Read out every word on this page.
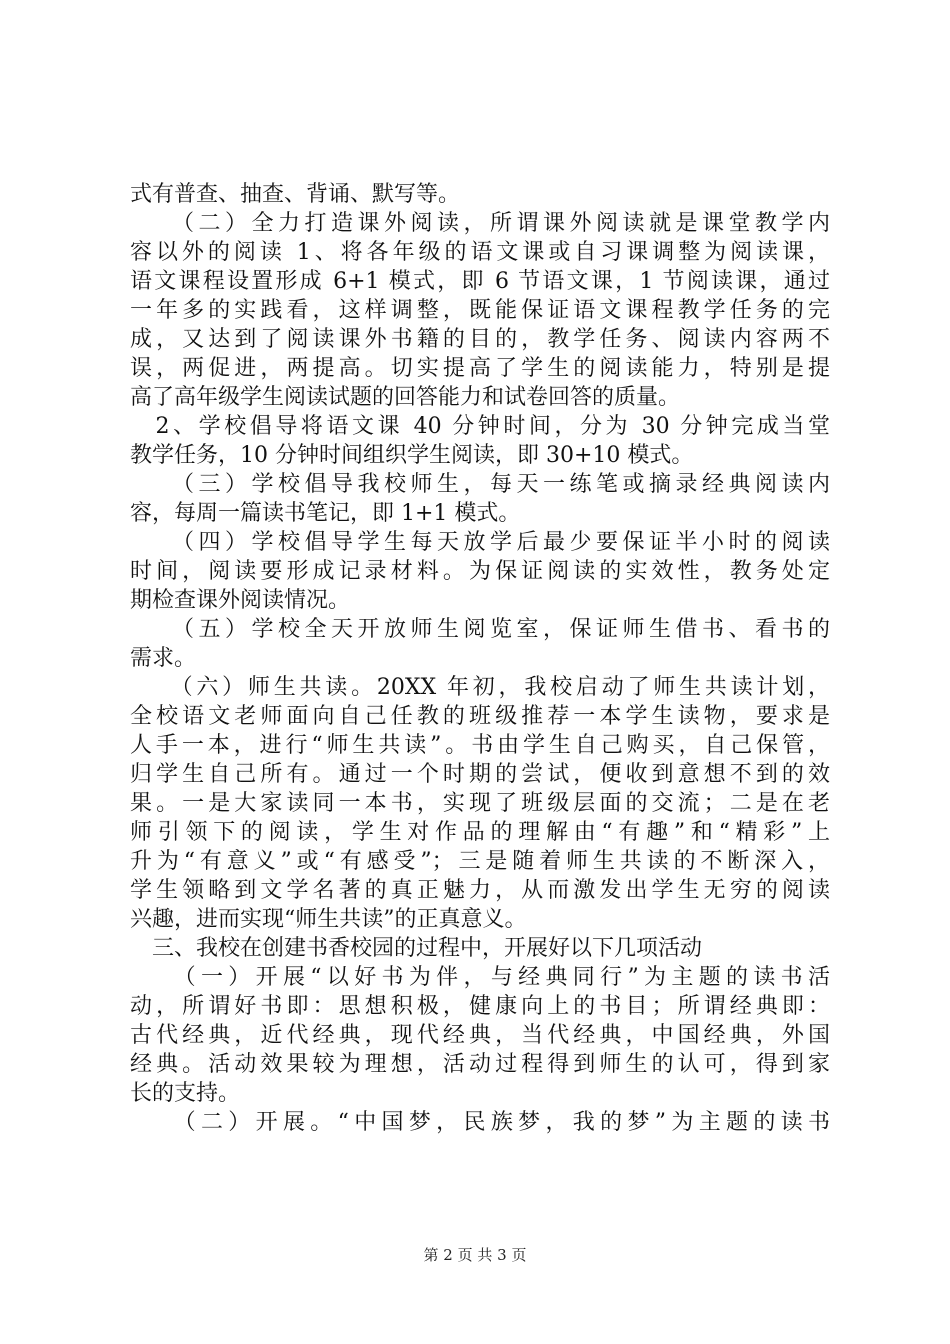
式有普查、抽查、背诵、默写等。
　　（二）全力打造课外阅读，所谓课外阅读就是课堂教学内
容以外的阅读 1、将各年级的语文课或自习课调整为阅读课，
语文课程设置形成 6+1 模式，即 6 节语文课，1 节阅读课，通过
一年多的实践看，这样调整，既能保证语文课程教学任务的完
成，又达到了阅读课外书籍的目的，教学任务、阅读内容两不
误，两促进，两提高。切实提高了学生的阅读能力，特别是提
高了高年级学生阅读试题的回答能力和试卷回答的质量。
　2、学校倡导将语文课 40 分钟时间，分为 30 分钟完成当堂
教学任务，10 分钟时间组织学生阅读，即 30+10 模式。
　　（三）学校倡导我校师生，每天一练笔或摘录经典阅读内
容，每周一篇读书笔记，即 1+1 模式。
　　（四）学校倡导学生每天放学后最少要保证半小时的阅读
时间，阅读要形成记录材料。为保证阅读的实效性，教务处定
期检查课外阅读情况。
　　（五）学校全天开放师生阅览室，保证师生借书、看书的
需求。
　　（六）师生共读。20XX 年初，我校启动了师生共读计划，
全校语文老师面向自己任教的班级推荐一本学生读物，要求是
人手一本，进行“师生共读”。书由学生自己购买，自己保管，
归学生自己所有。通过一个时期的尝试，便收到意想不到的效
果。一是大家读同一本书，实现了班级层面的交流；二是在老
师引领下的阅读，学生对作品的理解由“有趣”和“精彩”上
升为“有意义”或“有感受”；三是随着师生共读的不断深入，
学生领略到文学名著的真正魅力，从而激发出学生无穷的阅读
兴趣，进而实现“师生共读”的正真意义。
　三、我校在创建书香校园的过程中，开展好以下几项活动
　　（一）开展“以好书为伴，与经典同行”为主题的读书活
动，所谓好书即：思想积极，健康向上的书目；所谓经典即：
古代经典，近代经典，现代经典，当代经典，中国经典，外国
经典。活动效果较为理想，活动过程得到师生的认可，得到家
长的支持。
　　（二）开展。“中国梦，民族梦，我的梦”为主题的读书
第 2 页 共 3 页
